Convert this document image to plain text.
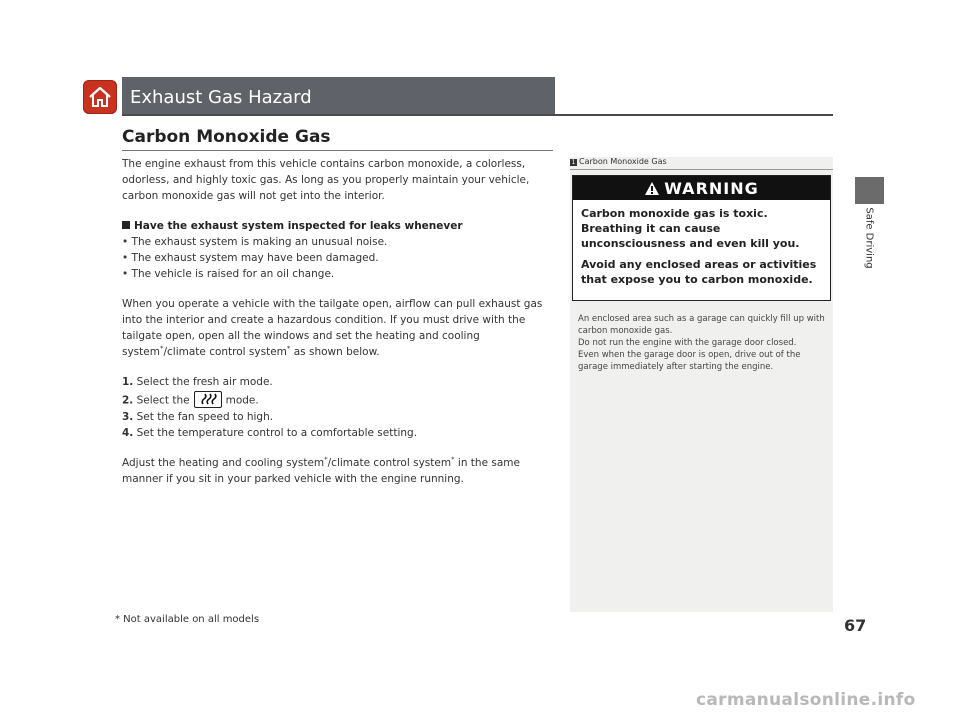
Exhaust Gas Hazard
Safe Driving
Carbon Monoxide Gas

The engine exhaust from this vehicle contains carbon monoxide, a colorless, odorless, and highly toxic gas. As long as you properly maintain your vehicle, carbon monoxide gas will not get into the interior.

Have the exhaust system inspected for leaks whenever

• The exhaust system is making an unusual noise.

• The exhaust system may have been damaged.

• The vehicle is raised for an oil change.

When you operate a vehicle with the tailgate open, airflow can pull exhaust gas into the interior and create a hazardous condition. If you must drive with the tailgate open, open all the windows and set the heating and cooling system*/climate control system* as shown below.

1. Select the fresh air mode.

2. Select the	mode.

3. Set the fan speed to high.

4. Set the temperature control to a comfortable setting.

Adjust the heating and cooling system*/climate control system* in the same manner if you sit in your parked vehicle with the engine running.

1 Carbon Monoxide Gas
WARNING

Carbon monoxide gas is toxic.
Breathing it can cause unconsciousness and even kill you.

Avoid any enclosed areas or activities that expose you to carbon monoxide.

An enclosed area such as a garage can quickly fill up with carbon monoxide gas.

Do not run the engine with the garage door closed.

Even when the garage door is open, drive out of the garage immediately after starting the engine.

* Not available on all models	67
carmanualsonline.info
